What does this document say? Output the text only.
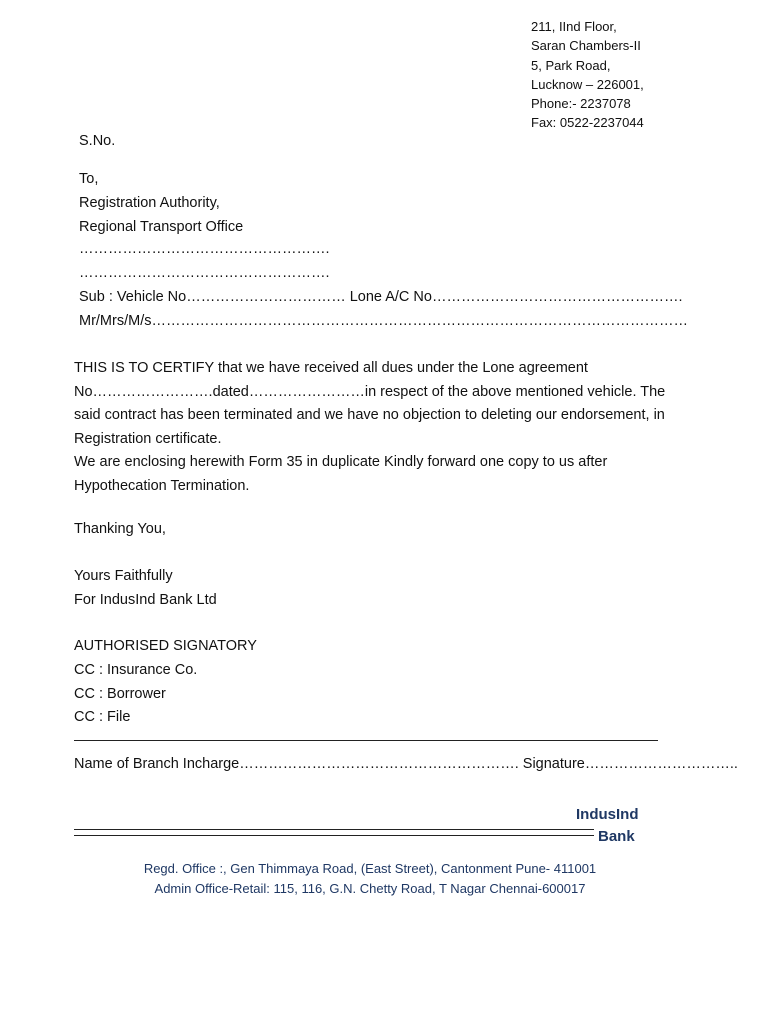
211, IInd Floor,
Saran Chambers-II
5, Park Road,
Lucknow – 226001,
Phone:- 2237078
Fax: 0522-2237044
S.No.
To,
Registration Authority,
Regional Transport Office
…………………………………………….
…………………………………………….
Sub : Vehicle No…………………………… Lone A/C No…………………………………………….
Mr/Mrs/M/s…………………………………………………………………………………………………
THIS IS TO CERTIFY that we have received all dues under the Lone agreement No…………………….dated……………………in respect of the above mentioned vehicle. The said contract has been terminated and we have no objection to deleting our endorsement, in Registration certificate.
We are enclosing herewith Form 35 in duplicate Kindly forward one copy to us after Hypothecation Termination.
Thanking You,
Yours Faithfully
For IndusInd Bank Ltd
AUTHORISED SIGNATORY
CC : Insurance Co.
CC : Borrower
CC : File
Name of Branch Incharge…………………………………………………. Signature…………………………..
IndusInd
Bank
Regd. Office :, Gen Thimmaya Road, (East Street), Cantonment Pune- 411001
Admin Office-Retail: 115, 116, G.N. Chetty Road, T Nagar Chennai-600017
